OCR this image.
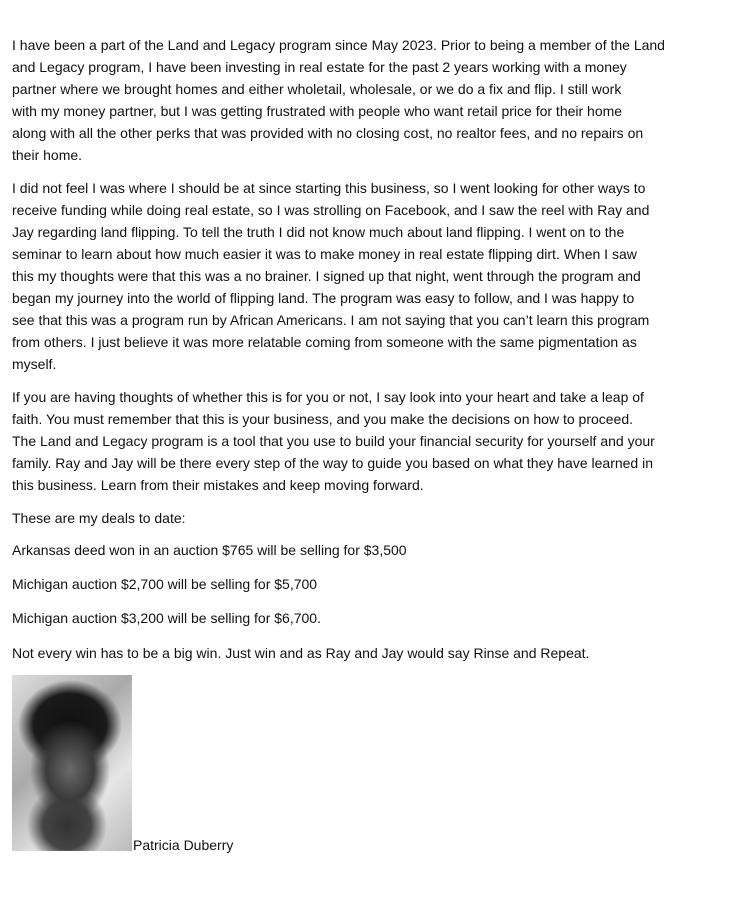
I have been a part of the Land and Legacy program since May 2023. Prior to being a member of the Land
and Legacy program, I have been investing in real estate for the past 2 years working with a money
partner where we brought homes and either wholetail, wholesale, or we do a fix and flip. I still work
with my money partner, but I was getting frustrated with people who want retail price for their home
along with all the other perks that was provided with no closing cost, no realtor fees, and no repairs on
their home.
I did not feel I was where I should be at since starting this business, so I went looking for other ways to
receive funding while doing real estate, so I was strolling on Facebook, and I saw the reel with Ray and
Jay regarding land flipping. To tell the truth I did not know much about land flipping. I went on to the
seminar to learn about how much easier it was to make money in real estate flipping dirt. When I saw
this my thoughts were that this was a no brainer. I signed up that night, went through the program and
began my journey into the world of flipping land. The program was easy to follow, and I was happy to
see that this was a program run by African Americans. I am not saying that you can’t learn this program
from others. I just believe it was more relatable coming from someone with the same pigmentation as
myself.
If you are having thoughts of whether this is for you or not, I say look into your heart and take a leap of
faith. You must remember that this is your business, and you make the decisions on how to proceed.
The Land and Legacy program is a tool that you use to build your financial security for yourself and your
family. Ray and Jay will be there every step of the way to guide you based on what they have learned in
this business. Learn from their mistakes and keep moving forward.
These are my deals to date:
Arkansas deed won in an auction $765 will be selling for $3,500
Michigan auction $2,700 will be selling for $5,700
Michigan auction $3,200 will be selling for $6,700.
Not every win has to be a big win. Just win and as Ray and Jay would say Rinse and Repeat.
Patricia Duberry
